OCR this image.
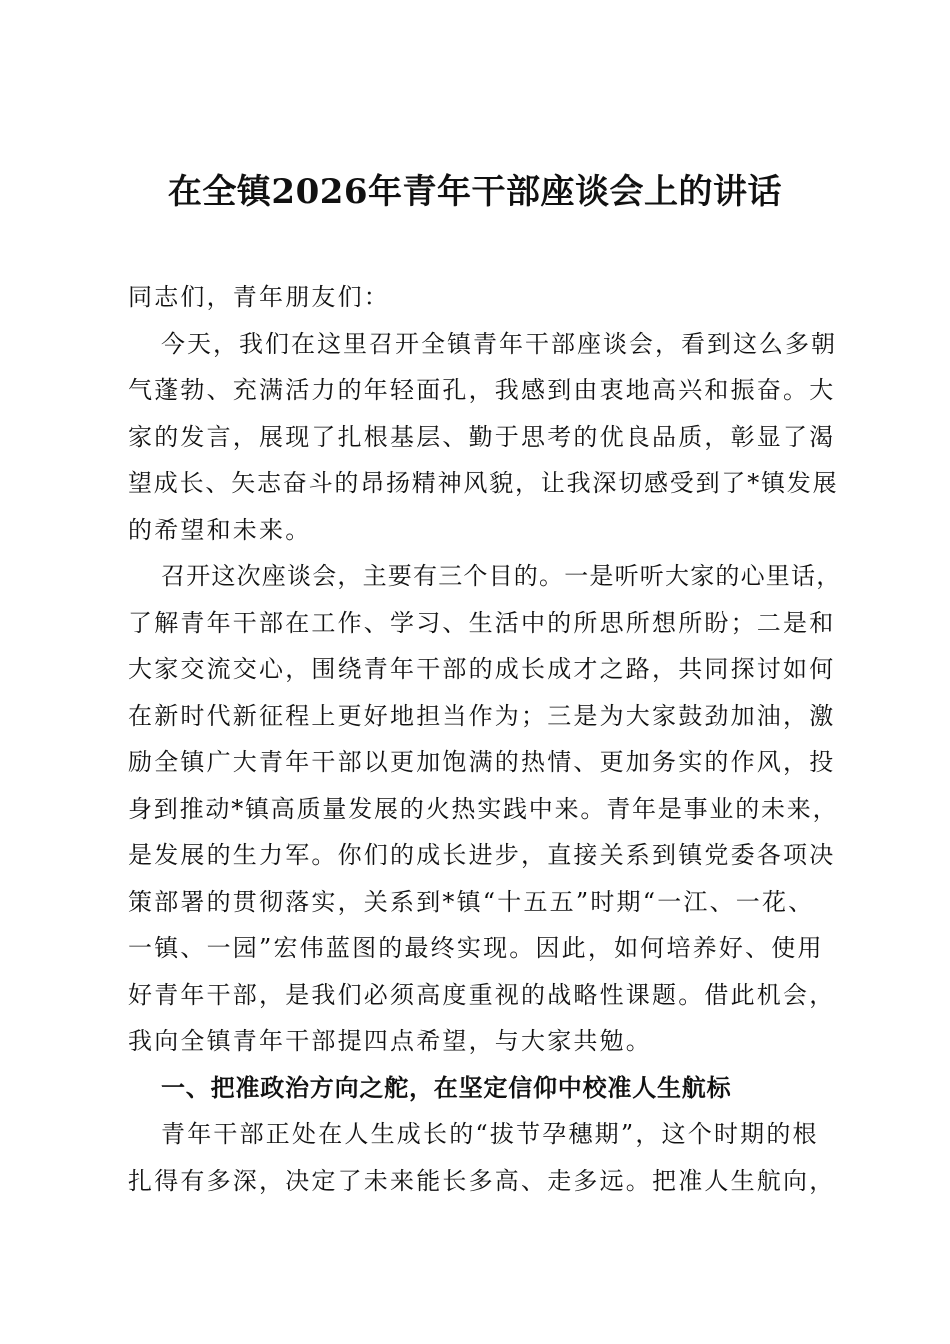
在全镇2026年青年干部座谈会上的讲话
同志们，青年朋友们：
今天，我们在这里召开全镇青年干部座谈会，看到这么多朝
气蓬勃、充满活力的年轻面孔，我感到由衷地高兴和振奋。大
家的发言，展现了扎根基层、勤于思考的优良品质，彰显了渴
望成长、矢志奋斗的昂扬精神风貌，让我深切感受到了*镇发展
的希望和未来。
召开这次座谈会，主要有三个目的。一是听听大家的心里话，
了解青年干部在工作、学习、生活中的所思所想所盼；二是和
大家交流交心，围绕青年干部的成长成才之路，共同探讨如何
在新时代新征程上更好地担当作为；三是为大家鼓劲加油，激
励全镇广大青年干部以更加饱满的热情、更加务实的作风，投
身到推动*镇高质量发展的火热实践中来。青年是事业的未来，
是发展的生力军。你们的成长进步，直接关系到镇党委各项决
策部署的贯彻落实，关系到*镇“十五五”时期“一江、一花、
一镇、一园”宏伟蓝图的最终实现。因此，如何培养好、使用
好青年干部，是我们必须高度重视的战略性课题。借此机会，
我向全镇青年干部提四点希望，与大家共勉。
一、把准政治方向之舵，在坚定信仰中校准人生航标
青年干部正处在人生成长的“拔节孕穗期”，这个时期的根
扎得有多深，决定了未来能长多高、走多远。把准人生航向，
